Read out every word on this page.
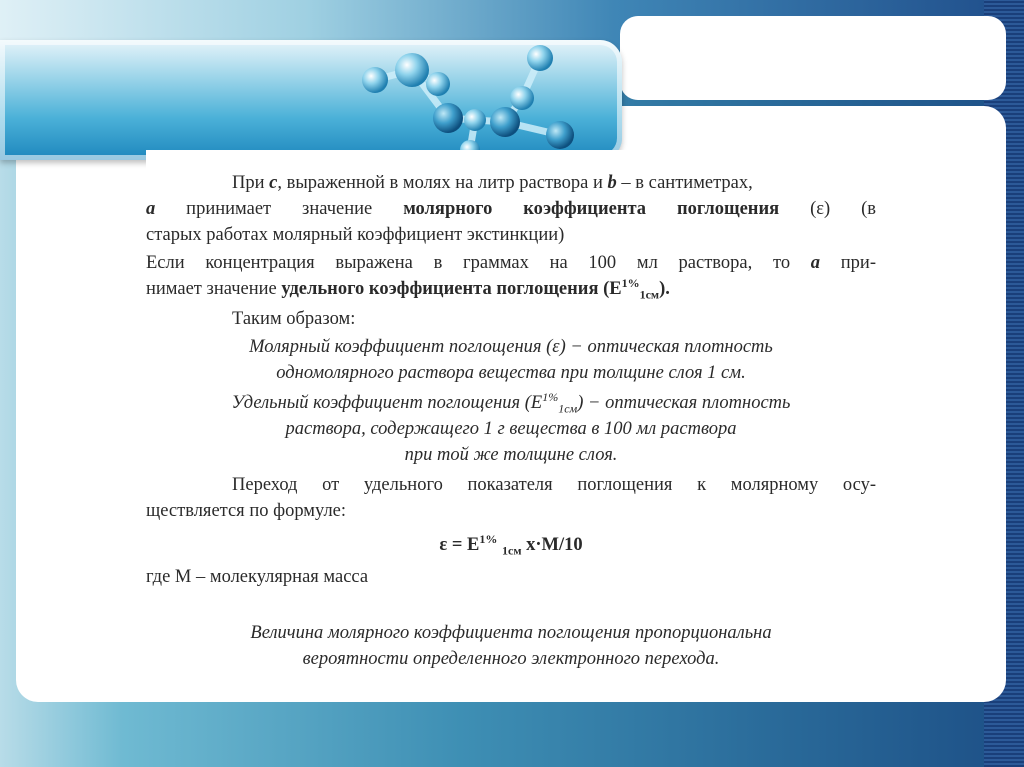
При c, выраженной в молях на литр раствора и b – в сантиметрах,

a принимает значение молярного коэффициента поглощения (ε) (в

старых работах молярный коэффициент экстинкции)

Если концентрация выражена в граммах на 100 мл раствора, то a при-

нимает значение удельного коэффициента поглощения $(Е^{1\%}_{1см})$.

Таким образом:

Молярный коэффициент поглощения (ε) − оптическая плотность

одномолярного раствора вещества при толщине слоя 1 см.

Удельный коэффициент поглощения $(Е^{1\%}_{1см})$ − оптическая плотность

раствора, содержащего 1 г вещества в 100 мл раствора

при той же толщине слоя.

Переход от удельного показателя поглощения к молярному осу-

ществляется по формуле:

$\varepsilon = E^{1\%}$ $_{1см}$ x·M/10

где М – молекулярная масса

Величина молярного коэффициента поглощения пропорциональна

вероятности определенного электронного перехода.
